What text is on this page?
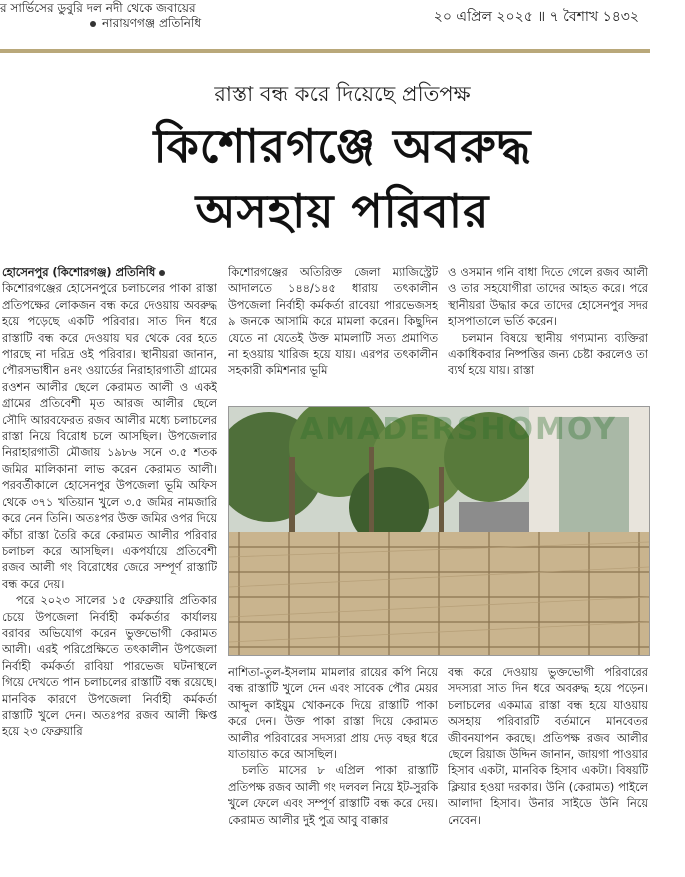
র সার্ভিসের ডুবুরি দল নদী থেকে জবায়ের
নারায়ণগঞ্জ প্রতিনিধি	২০ এপ্রিল ২০২৫ ॥ ৭ বৈশাখ ১৪৩২
রাস্তা বন্ধ করে দিয়েছে প্রতিপক্ষ
কিশোরগঞ্জে অবরুদ্ধ
অসহায় পরিবার

হোসেনপুর (কিশোরগঞ্জ) প্রতিনিধি

কিশোরগঞ্জের হোসেনপুরে চলাচলের পাকা রাস্তা প্রতিপক্ষের লোকজন বন্ধ করে দেওয়ায় অবরুদ্ধ হয়ে পড়েছে একটি পরিবার। সাত দিন ধরে রাস্তাটি বন্ধ করে দেওয়ায় ঘর থেকে বের হতে পারছে না দরিদ্র ওই পরিবার। স্থানীয়রা জানান, পৌরসভাধীন ৪নং ওয়ার্ডের নিরাহারগাতী গ্রামের রওশন আলীর ছেলে কেরামত আলী ও একই গ্রামের প্রতিবেশী মৃত আরজ আলীর ছেলে সৌদি আরবফেরত রজব আলীর মধ্যে চলাচলের রাস্তা নিয়ে বিরোধ চলে আসছিল। উপজেলার নিরাহারগাতী মৌজায় ১৯৮৬ সনে ৩.৫ শতক জমির মালিকানা লাভ করেন কেরামত আলী। পরবর্তীকালে হোসেনপুর উপজেলা ভূমি অফিস থেকে ৩৭১ খতিয়ান খুলে ৩.৫ জমির নামজারি করে নেন তিনি। অতঃপর উক্ত জমির ওপর দিয়ে কাঁচা রাস্তা তৈরি করে কেরামত আলীর পরিবার চলাচল করে আসছিল। একপর্যায়ে প্রতিবেশী রজব আলী গং বিরোধের জেরে সম্পূর্ণ রাস্তাটি বন্ধ করে দেয়।

পরে ২০২৩ সালের ১৫ ফেব্রুয়ারি প্রতিকার চেয়ে উপজেলা নির্বাহী কর্মকর্তার কার্যালয় বরাবর অভিযোগ করেন ভুক্তভোগী কেরামত আলী। এরই পরিপ্রেক্ষিতে তৎকালীন উপজেলা নির্বাহী কর্মকর্তা রাবিয়া পারভেজ ঘটনাস্থলে গিয়ে দেখতে পান চলাচলের রাস্তাটি বন্ধ রয়েছে। মানবিক কারণে উপজেলা নির্বাহী কর্মকর্তা রাস্তাটি খুলে দেন। অতঃপর রজব আলী ক্ষিপ্ত হয়ে ২৩ ফেব্রুয়ারি

কিশোরগঞ্জের অতিরিক্ত জেলা ম্যাজিস্ট্রেট আদালতে ১৪৪/১৪৫ ধারায় তৎকালীন উপজেলা নির্বাহী কর্মকর্তা রাবেয়া পারভেজসহ ৯ জনকে আসামি করে মামলা করেন। কিছুদিন যেতে না যেতেই উক্ত মামলাটি সত্য প্রমাণিত না হওয়ায় খারিজ হয়ে যায়। এরপর তৎকালীন সহকারী কমিশনার ভূমি

ও ওসমান গনি বাধা দিতে গেলে রজব আলী ও তার সহযোগীরা তাদের আহত করে। পরে স্থানীয়রা উদ্ধার করে তাদের হোসেনপুর সদর হাসপাতালে ভর্তি করেন।

চলমান বিষয়ে স্থানীয় গণ্যমান্য ব্যক্তিরা একাধিকবার নিষ্পত্তির জন্য চেষ্টা করলেও তা ব্যর্থ হয়ে যায়। রাস্তা

AMADERSHOMOY

নাশিতা-তুল-ইসলাম মামলার রায়ের কপি নিয়ে বন্ধ রাস্তাটি খুলে দেন এবং সাবেক পৌর মেয়র আব্দুল কাইয়ুম খোকনকে দিয়ে রাস্তাটি পাকা করে দেন। উক্ত পাকা রাস্তা দিয়ে কেরামত আলীর পরিবারের সদস্যরা প্রায় দেড় বছর ধরে যাতায়াত করে আসছিল।

চলতি মাসের ৮ এপ্রিল পাকা রাস্তাটি প্রতিপক্ষ রজব আলী গং দলবল নিয়ে ইট-সুরকি খুলে ফেলে এবং সম্পূর্ণ রাস্তাটি বন্ধ করে দেয়। কেরামত আলীর দুই পুত্র আবু বাক্কার

বন্ধ করে দেওয়ায় ভুক্তভোগী পরিবারের সদস্যরা সাত দিন ধরে অবরুদ্ধ হয়ে পড়েন। চলাচলের একমাত্র রাস্তা বন্ধ হয়ে যাওয়ায় অসহায় পরিবারটি বর্তমানে মানবেতর জীবনযাপন করছে। প্রতিপক্ষ রজব আলীর ছেলে রিয়াজ উদ্দিন জানান, জায়গা পাওয়ার হিসাব একটা, মানবিক হিসাব একটা। বিষয়টি ক্লিয়ার হওয়া দরকার। উনি (কেরামত) পাইলে আলাদা হিসাব। উনার সাইডে উনি নিয়ে নেবেন।
